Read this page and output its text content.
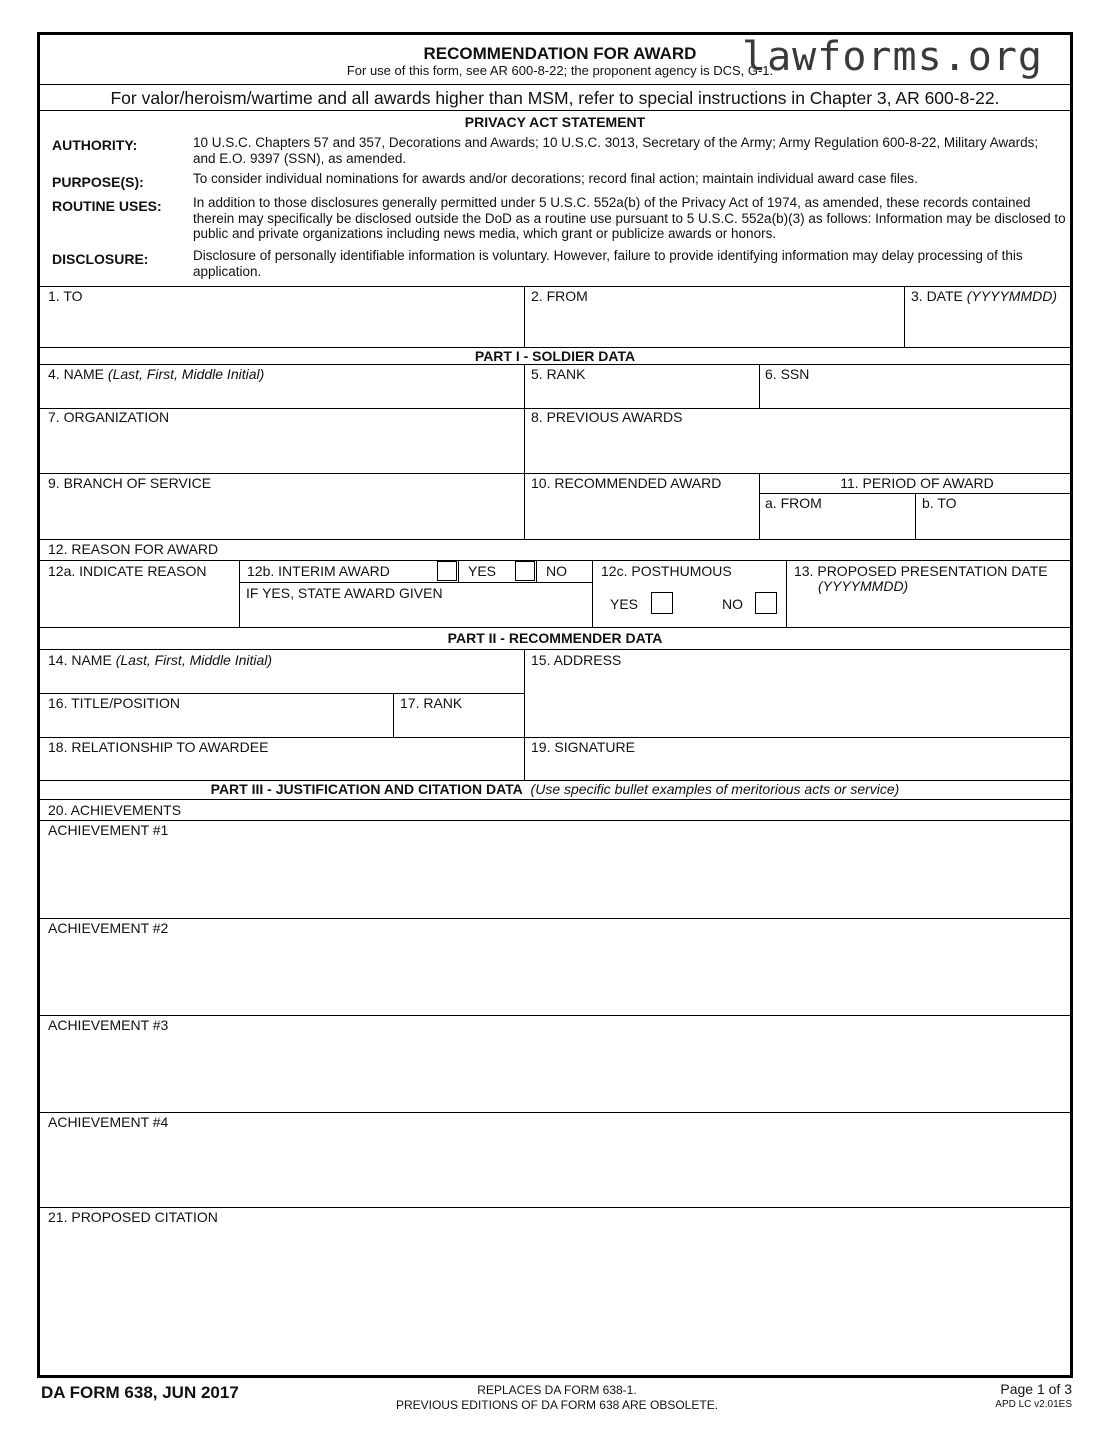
RECOMMENDATION FOR AWARD
For use of this form, see AR 600-8-22; the proponent agency is DCS, G-1.
lawforms.org
For valor/heroism/wartime and all awards higher than MSM, refer to special instructions in Chapter 3, AR 600-8-22.
PRIVACY ACT STATEMENT
AUTHORITY:	10 U.S.C. Chapters 57 and 357, Decorations and Awards; 10 U.S.C. 3013, Secretary of the Army; Army Regulation 600-8-22, Military Awards; and E.O. 9397 (SSN), as amended.
PURPOSE(S):	To consider individual nominations for awards and/or decorations; record final action; maintain individual award case files.
ROUTINE USES: In addition to those disclosures generally permitted under 5 U.S.C. 552a(b) of the Privacy Act of 1974, as amended, these records contained therein may specifically be disclosed outside the DoD as a routine use pursuant to 5 U.S.C. 552a(b)(3) as follows: Information may be disclosed to public and private organizations including news media, which grant or publicize awards or honors.
DISCLOSURE:	Disclosure of personally identifiable information is voluntary. However, failure to provide identifying information may delay processing of this application.
1. TO	2. FROM	3. DATE (YYYYMMDD)
PART I - SOLDIER DATA
4. NAME (Last, First, Middle Initial)	5. RANK	6. SSN
7. ORGANIZATION	8. PREVIOUS AWARDS
9. BRANCH OF SERVICE	10. RECOMMENDED AWARD	11. PERIOD OF AWARD
a. FROM	b. TO
12. REASON FOR AWARD
12a. INDICATE REASON	12b. INTERIM AWARD	YES	NO
IF YES, STATE AWARD GIVEN
12c. POSTHUMOUS
YES	NO
13. PROPOSED PRESENTATION DATE
(YYYYMMDD)
PART II - RECOMMENDER DATA
14. NAME (Last, First, Middle Initial)	15. ADDRESS
16. TITLE/POSITION	17. RANK
18. RELATIONSHIP TO AWARDEE	19. SIGNATURE
PART III - JUSTIFICATION AND CITATION DATA (Use specific bullet examples of meritorious acts or service)
20. ACHIEVEMENTS
ACHIEVEMENT #1
ACHIEVEMENT #2
ACHIEVEMENT #3
ACHIEVEMENT #4
21. PROPOSED CITATION
DA FORM 638, JUN 2017	REPLACES DA FORM 638-1.
PREVIOUS EDITIONS OF DA FORM 638 ARE OBSOLETE.
Page 1 of 3
APD LC v2.01ES
